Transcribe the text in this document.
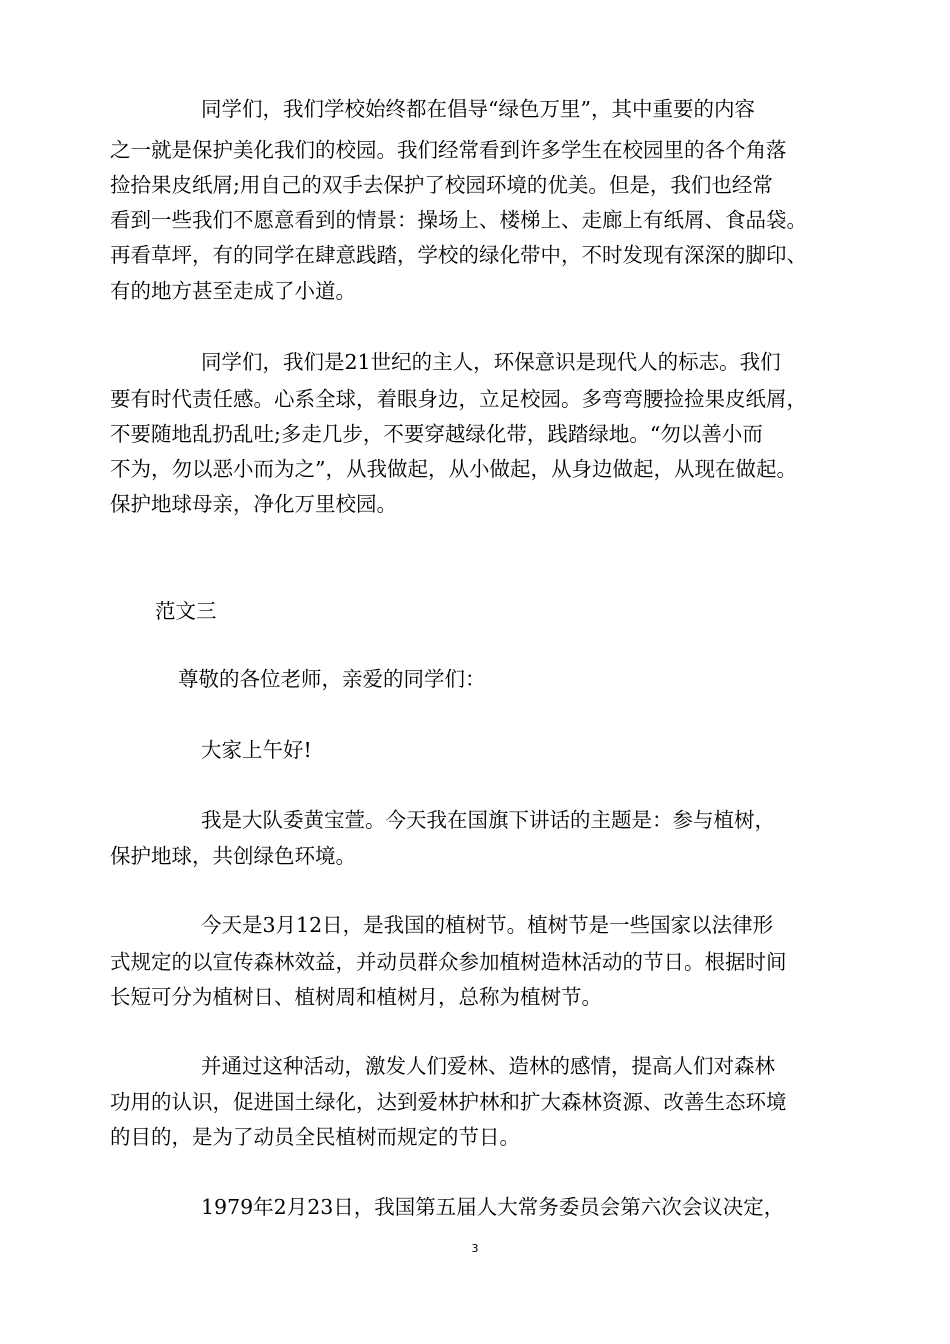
同学们，我们学校始终都在倡导“绿色万里”，其中重要的内容
之一就是保护美化我们的校园。我们经常看到许多学生在校园里的各个角落
捡拾果皮纸屑;用自己的双手去保护了校园环境的优美。但是，我们也经常
看到一些我们不愿意看到的情景：操场上、楼梯上、走廊上有纸屑、食品袋。
再看草坪，有的同学在肆意践踏，学校的绿化带中，不时发现有深深的脚印、
有的地方甚至走成了小道。
同学们，我们是21世纪的主人，环保意识是现代人的标志。我们
要有时代责任感。心系全球，着眼身边，立足校园。多弯弯腰捡捡果皮纸屑，
不要随地乱扔乱吐;多走几步，不要穿越绿化带，践踏绿地。“勿以善小而
不为，勿以恶小而为之”，从我做起，从小做起，从身边做起，从现在做起。
保护地球母亲，净化万里校园。
范文三
尊敬的各位老师，亲爱的同学们：
大家上午好!
我是大队委黄宝萱。今天我在国旗下讲话的主题是：参与植树，
保护地球，共创绿色环境。
今天是3月12日，是我国的植树节。植树节是一些国家以法律形
式规定的以宣传森林效益，并动员群众参加植树造林活动的节日。根据时间
长短可分为植树日、植树周和植树月，总称为植树节。
并通过这种活动，激发人们爱林、造林的感情，提高人们对森林
功用的认识，促进国土绿化，达到爱林护林和扩大森林资源、改善生态环境
的目的，是为了动员全民植树而规定的节日。
1979年2月23日，我国第五届人大常务委员会第六次会议决定，
3
